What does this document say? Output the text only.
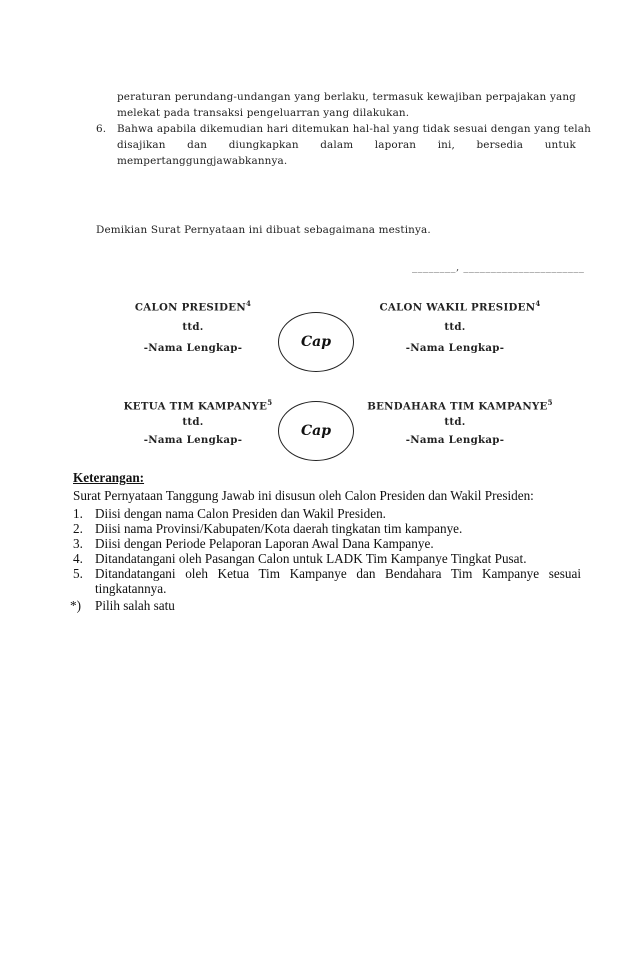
peraturan perundang-undangan yang berlaku, termasuk kewajiban perpajakan yang
melekat pada transaksi pengeluarran yang dilakukan.
6. Bahwa apabila dikemudian hari ditemukan hal-hal yang tidak sesuai dengan yang telah
disajikan dan diungkapkan dalam laporan ini, bersedia untuk
mempertanggungjawabkannya.
Demikian Surat Pernyataan ini dibuat sebagaimana mestinya.
________, ______________________
CALON PRESIDEN$^4$
ttd.
-Nama Lengkap-	Cap
CALON WAKIL PRESIDEN$^4$
ttd.
-Nama Lengkap-
KETUA TIM KAMPANYE$^5$
ttd.
-Nama Lengkap-
Cap
BENDAHARA TIM KAMPANYE$^5$
ttd.
-Nama Lengkap-
Keterangan:
Surat Pernyataan Tanggung Jawab ini disusun oleh Calon Presiden dan Wakil Presiden:
1. Diisi dengan nama Calon Presiden dan Wakil Presiden.
2. Diisi nama Provinsi/Kabupaten/Kota daerah tingkatan tim kampanye.
3. Diisi dengan Periode Pelaporan Laporan Awal Dana Kampanye.
4. Ditandatangani oleh Pasangan Calon untuk LADK Tim Kampanye Tingkat Pusat.
5. Ditandatangani oleh Ketua Tim Kampanye dan Bendahara Tim Kampanye sesuai
tingkatannya.
*) Pilih salah satu
